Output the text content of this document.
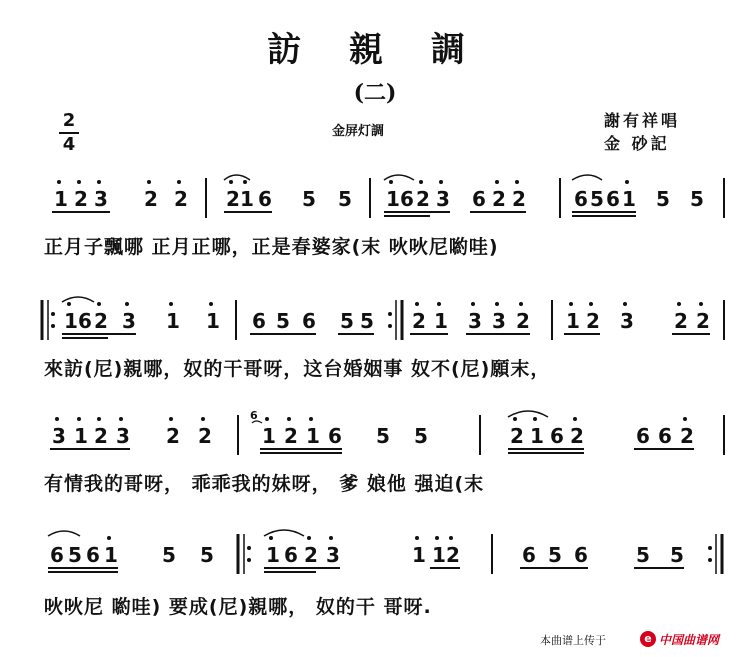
訪 親 調
(二)
金屏灯調
謝有祥唱
金 砂記
2
4
1 2 3 2 2 2 1 6 5 5 1 6 2 3 6 2 2 6 5 6 1 5 5
正月子飄哪 正月正哪，正是春婆家(末 吙吙尼喲哇)
1 6 2 3 1 1 6 5 6 5 5 2 1 3 3 2 1 2 3 2 2
來訪(尼)親哪，奴的干哥呀，这台婚姻事 奴不(尼)願末，
3 1 2 3 2 2	1 2 1 6 5 5	2 1 6 2	6 6 2
6
有情我的哥呀， 乖乖我的妹呀， 爹 娘他 强迫(末
6 5 6 1 5 5	1 6 2 3	1 1 2	6 5 6 5 5
吙吙尼 喲哇) 要成(尼)親哪， 奴的干 哥呀.
本曲谱上传于	e 中国曲谱网
